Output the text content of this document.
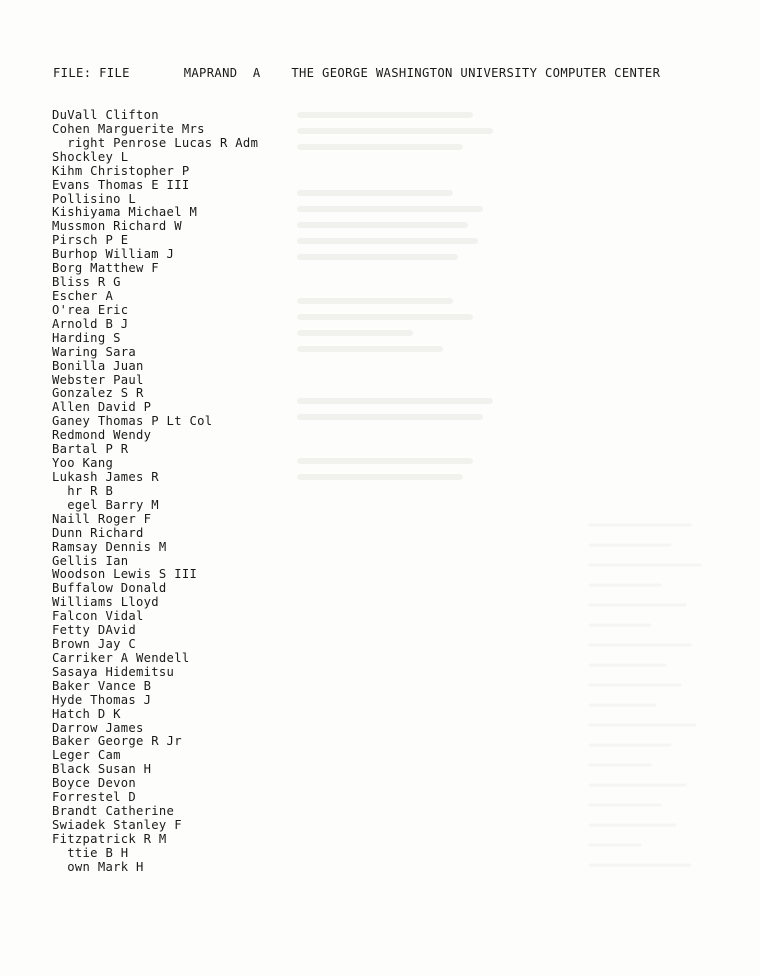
FILE: FILE	MAPRAND A	THE GEORGE WASHINGTON UNIVERSITY COMPUTER CENTER
DuVall Clifton
Cohen Marguerite Mrs
right Penrose Lucas R Adm
Shockley L
Kihm Christopher P
Evans Thomas E III
Pollisino L
Kishiyama Michael M
Mussmon Richard W
Pirsch P E
Burhop William J
Borg Matthew F
Bliss R G
Escher A
O'rea Eric
Arnold B J
Harding S
Waring Sara
Bonilla Juan
Webster Paul
Gonzalez S R
Allen David P
Ganey Thomas P Lt Col
Redmond Wendy
Bartal P R
Yoo Kang
Lukash James R
hr R B
egel Barry M
Naill Roger F
Dunn Richard
Ramsay Dennis M
Gellis Ian
Woodson Lewis S III
Buffalow Donald
Williams Lloyd
Falcon Vidal
Fetty DAvid
Brown Jay C
Carriker A Wendell
Sasaya Hidemitsu
Baker Vance B
Hyde Thomas J
Hatch D K
Darrow James
Baker George R Jr
Leger Cam
Black Susan H
Boyce Devon
Forrestel D
Brandt Catherine
Swiadek Stanley F
Fitzpatrick R M
ttie B H
own Mark H
